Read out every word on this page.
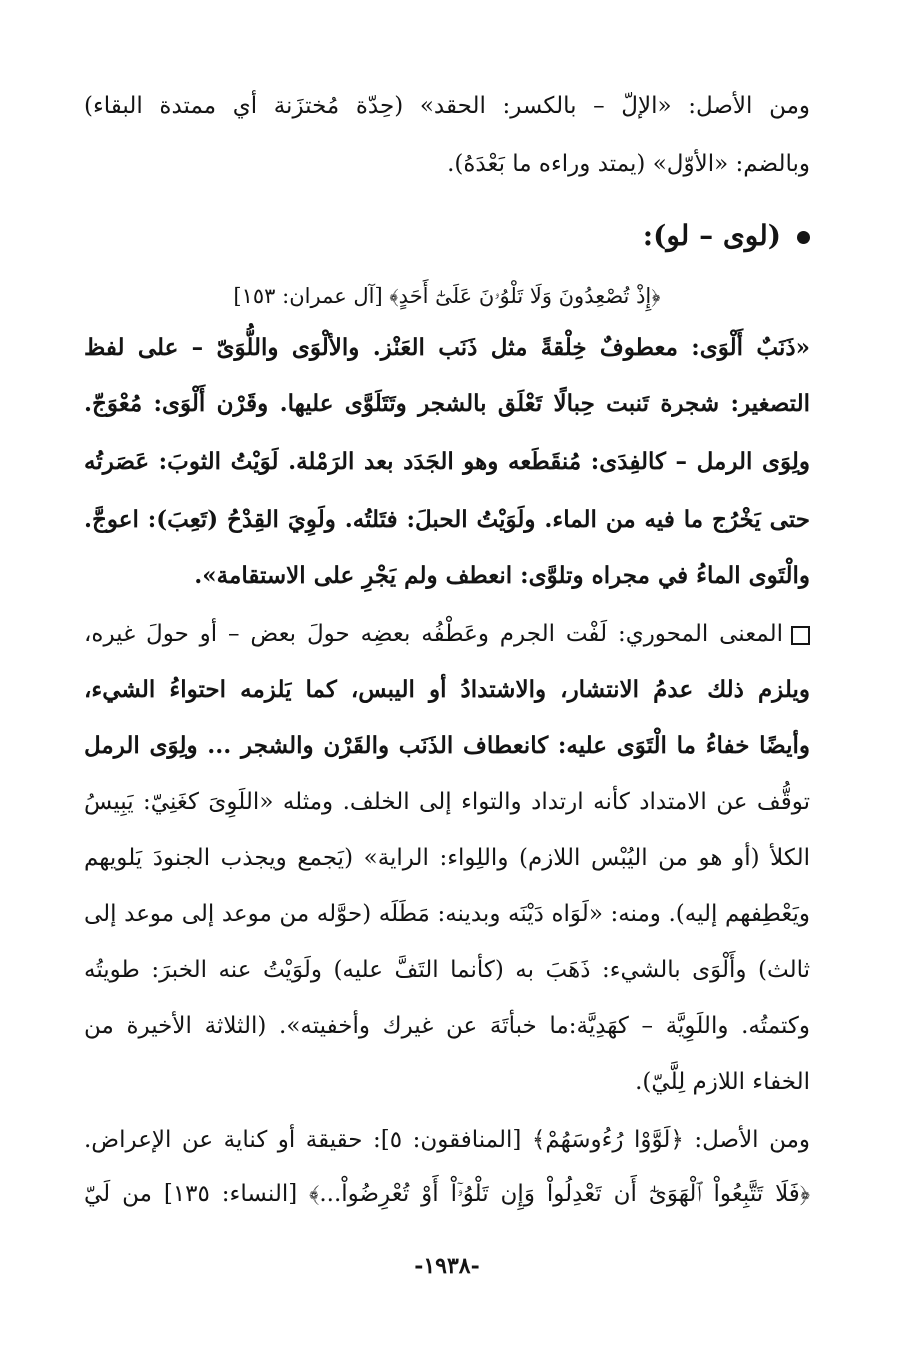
ومن الأصل: «الإلّ – بالكسر: الحقد» (حِدّة مُختزَنة أي ممتدة البقاء)
وبالضم: «الأوّل» (يمتد وراءه ما بَعْدَهُ).
(لوى – لو):
﴿إِذْ تُصْعِدُونَ وَلَا تَلْوُۥنَ عَلَىٰٓ أَحَدٍ﴾ [آل عمران: ١٥٣]
«ذَنَبٌ أَلْوَى: معطوفٌ خِلْقةً مثل ذَنَب العَنْز. والألْوَى واللُّوَىّ – على لفظ
التصغير: شجرة تَنبت حِبالًا تَعْلَق بالشجر وتَتَلَوَّى عليها. وقَرْن أَلْوَى: مُعْوَجّ.
ولِوَى الرمل – كالفِدَى: مُنقَطَعه وهو الجَدَد بعد الرَمْلة. لَوَيْتُ الثوبَ: عَصَرتُه
حتى يَخْرُج ما فيه من الماء. ولَوَيْتُ الحبلَ: فتَلتُه. ولَوِيَ القِدْحُ (تَعِبَ): اعوجَّ.
والْتَوى الماءُ في مجراه وتلوَّى: انعطف ولم يَجْرِ على الاستقامة».
المعنى المحوري: لَفْت الجرم وعَطْفُه بعضِه حولَ بعض – أو حولَ غيره،
ويلزم ذلك عدمُ الانتشار، والاشتدادُ أو اليبس، كما يَلزمه احتواءُ الشيء،
وأيضًا خفاءُ ما الْتَوَى عليه: كانعطاف الذَنَب والقَرْن والشجر ... ولِوَى الرمل
توقُّف عن الامتداد كأنه ارتداد والتواء إلى الخلف. ومثله «اللَوِىَ كغَنِيّ: يَبِيسُ
الكلأ (أو هو من اليُبْس اللازم) واللِواء: الراية» (يَجمع ويجذب الجنودَ يَلويهم
ويَعْطِفهم إليه). ومنه: «لَوَاه دَيْنَه وبدينه: مَطَلَه (حوَّله من موعد إلى موعد إلى
ثالث) وأَلْوَى بالشيء: ذَهَبَ به (كأنما التَفَّ عليه) ولَوَيْتُ عنه الخبرَ: طويتُه
وكتمتُه. واللَوِيَّة – كهَدِيَّة:ما خبأتَهَ عن غيرك وأخفيته». (الثلاثة الأخيرة من
الخفاء اللازم لِلَّيّ).
ومن الأصل: ﴿لَوَّوْا رُءُوسَهُمْ﴾ [المنافقون: ٥]: حقيقة أو كناية عن الإعراض.
﴿فَلَا تَتَّبِعُواْ ٱلْهَوَىٰٓ أَن تَعْدِلُواْ وَإِن تَلْوُۥٓاْ أَوْ تُعْرِضُواْ...﴾ [النساء: ١٣٥] من لَيّ
-١٩٣٨-
